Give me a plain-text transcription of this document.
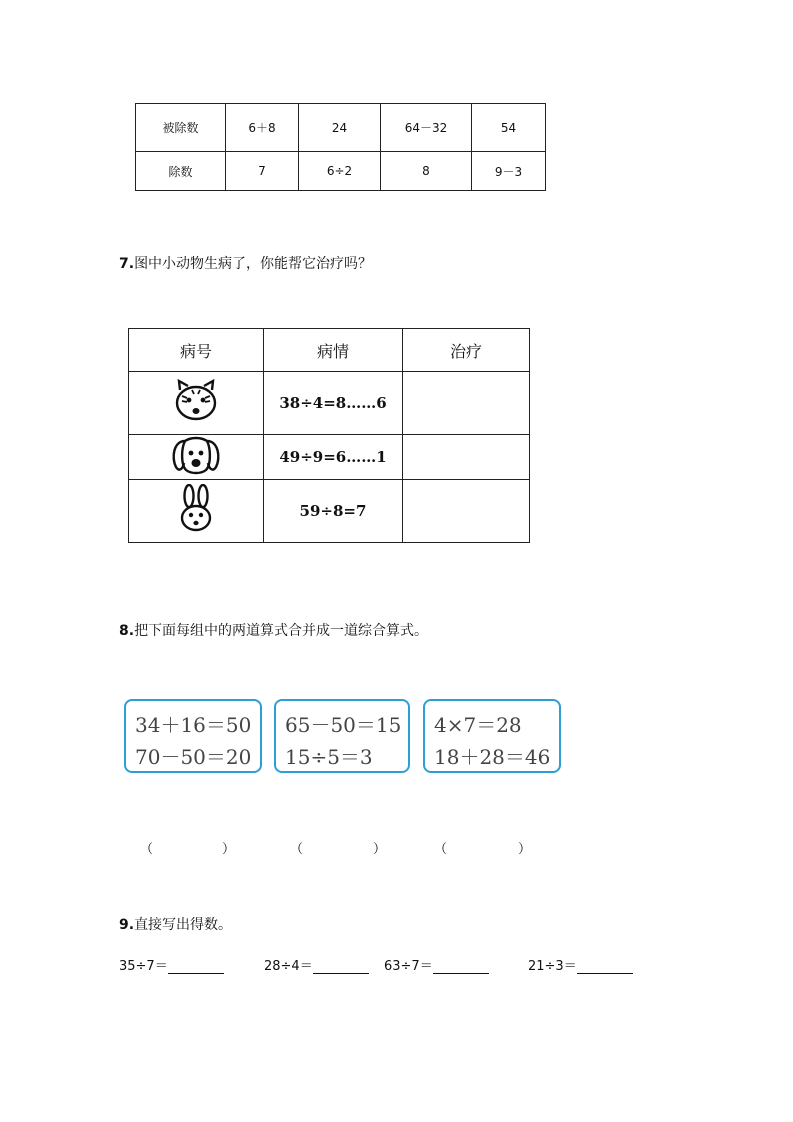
被除数	6＋8	24	64－32	54
除数	7	6÷2	8	9－3
7.图中小动物生病了，你能帮它治疗吗？
病号	病情	治疗
	38÷4=8……6	
	49÷9=6……1	
	59÷8=7	
8.把下面每组中的两道算式合并成一道综合算式。
34＋16＝50
70－50＝20
65－50＝15
15÷5＝3
4×7＝28
18＋28＝46
（	）	（	）	（	）
9.直接写出得数。
35÷7＝	28÷4＝	63÷7＝	21÷3＝
